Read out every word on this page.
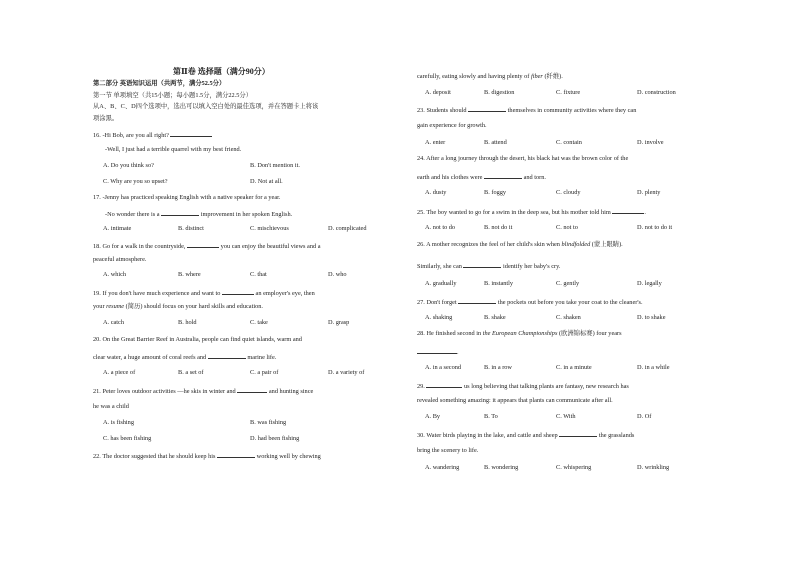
第Ⅱ卷 选择题（满分90分）
第二部分 英语知识运用（共两节，满分52.5分）
第一节 单项填空（共15小题；每小题1.5分，满分22.5分）
从A、B、C、D四个选项中，选出可以填入空白处的最佳选项，并在答题卡上将该
项涂黑。
16. -Hi Bob, are you all right?
-Well, I just had a terrible quarrel with my best friend.
A. Do you think so?	B. Don't mention it.
C. Why are you so upset?	D. Not at all.
17. -Jenny has practiced speaking English with a native speaker for a year.
-No wonder there is a	improvement in her spoken English.
A. intimate	B. distinct	C. mischievous	D. complicated
18. Go for a walk in the countryside,	you can enjoy the beautiful views and a
peaceful atmosphere.
A. which	B. where	C. that	D. who
19. If you don't have much experience and want to	an employer's eye, then
your resume (简历) should focus on your hard skills and education.
A. catch	B. hold	C. take	D. grasp
20. On the Great Barrier Reef in Australia, people can find quiet islands, warm and
clear water, a huge amount of coral reefs and	marine life.
A. a piece of	B. a set of	C. a pair of	D. a variety of
21. Peter loves outdoor activities —he skis in winter and	and hunting since
he was a child
A. is fishing	B. was fishing
C. has been fishing	D. had been fishing
22. The doctor suggested that he should keep his	working well by chewing
carefully, eating slowly and having plenty of fiber (纤维).
A. deposit	B. digestion	C. fixture	D. construction
23. Students should	themselves in community activities where they can
gain experience for growth.
A. enter	B. attend	C. contain	D. involve
24. After a long journey through the desert, his black hat was the brown color of the
earth and his clothes were	and torn.
A. dusty	B. foggy	C. cloudy	D. plenty
25. The boy wanted to go for a swim in the deep sea, but his mother told him	.
A. not to do	B. not do it	C. not to	D. not to do it
26. A mother recognizes the feel of her child's skin when blindfolded (蒙上眼睛).
Similarly, she can	identify her baby's cry.
A. gradually	B. instantly	C. gently	D. legally
27. Don't forget	the pockets out before you take your coat to the cleaner's.
A. shaking	B. shake	C. shaken	D. to shake
28. He finished second in the European Championships (欧洲锦标赛) four years
.
A. in a second	B. in a row	C. in a minute	D. in a while
29.	us long believing that talking plants are fantasy, new research has
revealed something amazing: it appears that plants can communicate after all.
A. By	B. To	C. With	D. Of
30. Water birds playing in the lake, and cattle and sheep	the grasslands
bring the scenery to life.
A. wandering	B. wondering	C. whispering	D. wrinkling
